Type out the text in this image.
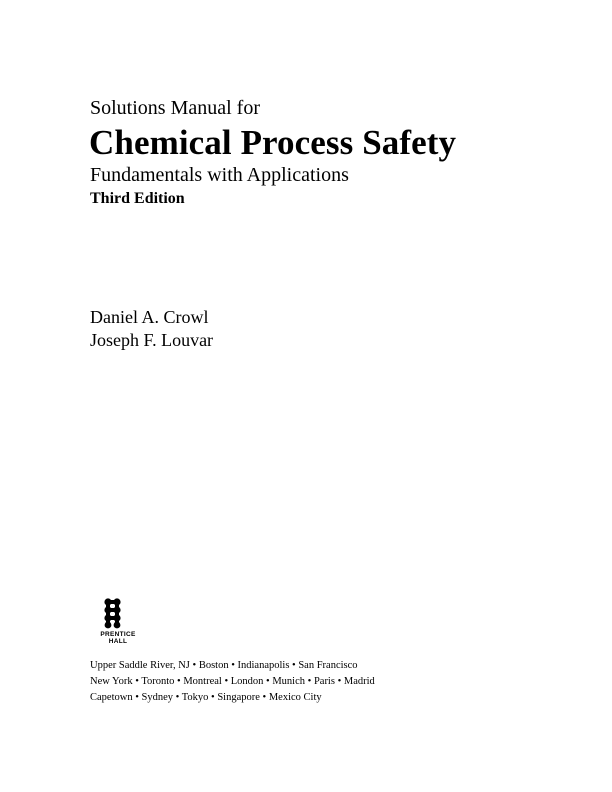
Solutions Manual for
Chemical Process Safety
Fundamentals with Applications
Third Edition
Daniel A. Crowl
Joseph F. Louvar
PRENTICE
HALL
Upper Saddle River, NJ • Boston • Indianapolis • San Francisco
New York • Toronto • Montreal • London • Munich • Paris • Madrid
Capetown • Sydney • Tokyo • Singapore • Mexico City
